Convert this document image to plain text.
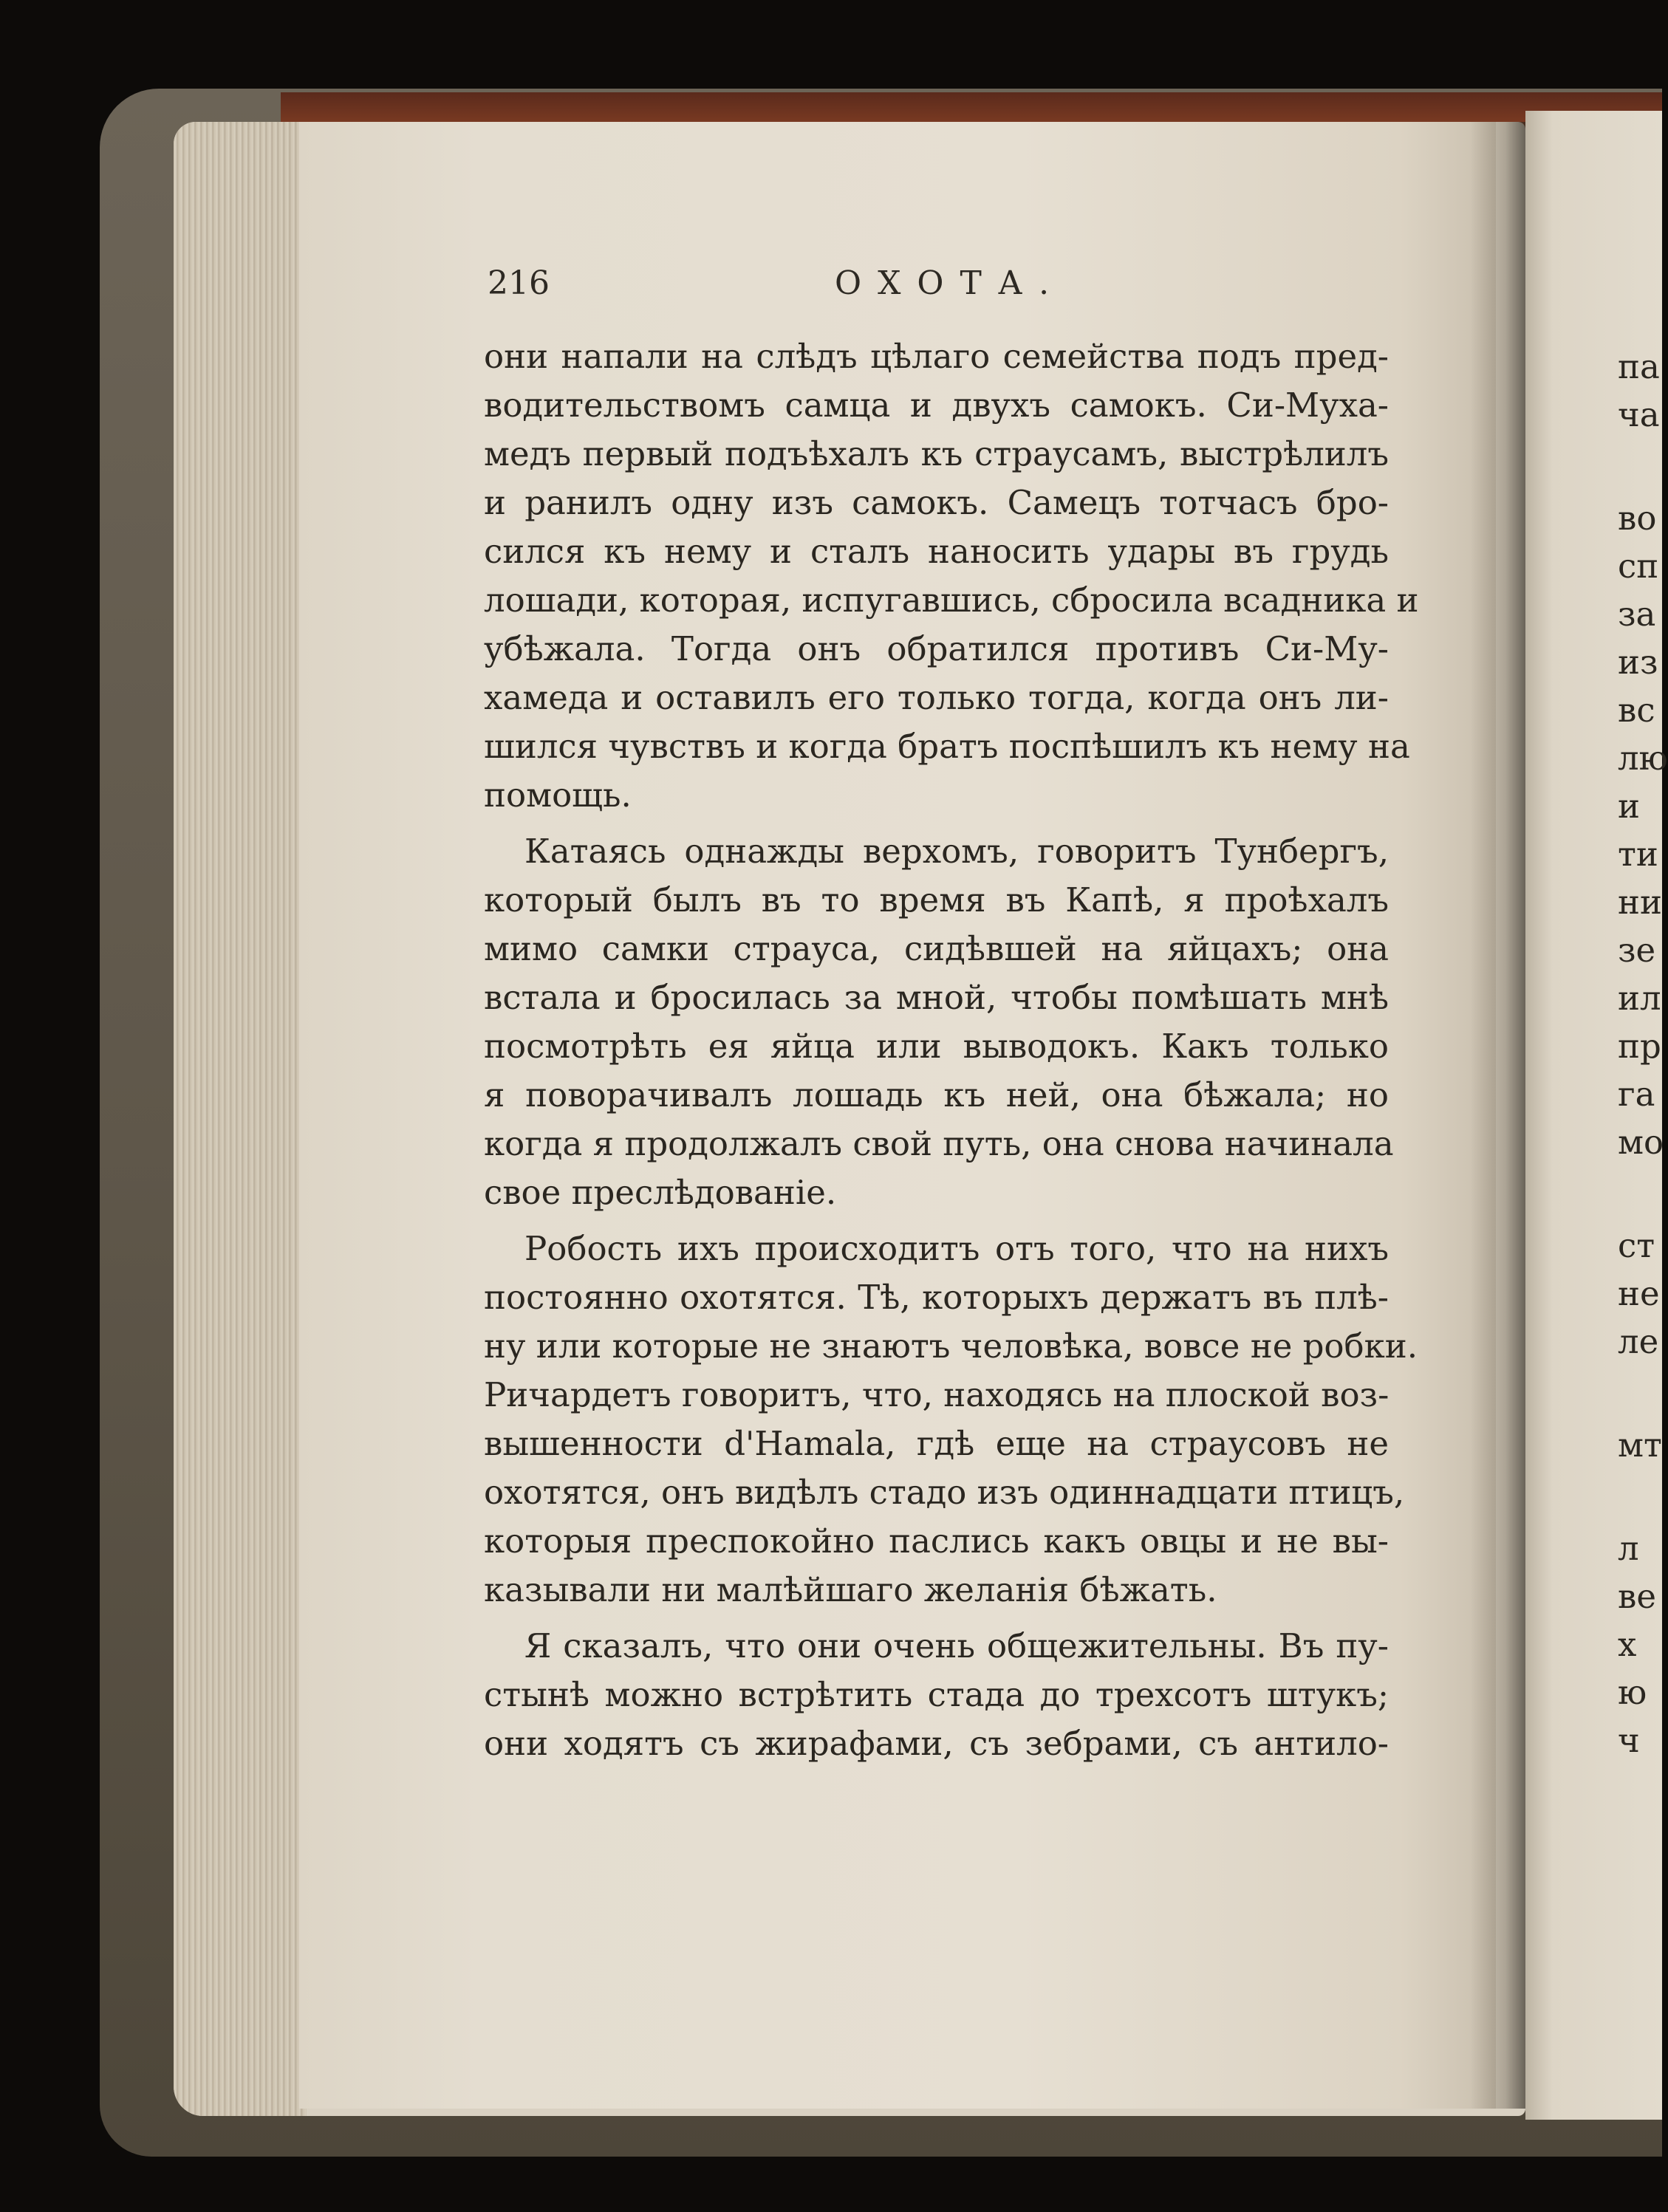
216	ОХОТА.
они напали на слѣдъ цѣлаго семейства подъ пред-
водительствомъ самца и двухъ самокъ. Си-Муха-
медъ первый подъѣхалъ къ страусамъ, выстрѣлилъ
и ранилъ одну изъ самокъ. Самецъ тотчасъ бро-
сился къ нему и сталъ наносить удары въ грудь
лошади, которая, испугавшись, сбросила всадника и
убѣжала. Тогда онъ обратился противъ Си-Му-
хамеда и оставилъ его только тогда, когда онъ ли-
шился чувствъ и когда братъ поспѣшилъ къ нему на
помощь.
Катаясь однажды верхомъ, говоритъ Тунбергъ,
который былъ въ то время въ Капѣ, я проѣхалъ
мимо самки страуса, сидѣвшей на яйцахъ; она
встала и бросилась за мной, чтобы помѣшать мнѣ
посмотрѣть ея яйца или выводокъ. Какъ только
я поворачивалъ лошадь къ ней, она бѣжала; но
когда я продолжалъ свой путь, она снова начинала
свое преслѣдованіе.
Робость ихъ происходитъ отъ того, что на нихъ
постоянно охотятся. Тѣ, которыхъ держатъ въ плѣ-
ну или которые не знаютъ человѣка, вовсе не робки.
Ричардетъ говоритъ, что, находясь на плоской воз-
вышенности d'Hamala, гдѣ еще на страусовъ не
охотятся, онъ видѣлъ стадо изъ одиннадцати птицъ,
которыя преспокойно паслись какъ овцы и не вы-
казывали ни малѣйшаго желанія бѣжать.
Я сказалъ, что они очень общежительны. Въ пу-
стынѣ можно встрѣтить стада до трехсотъ штукъ;
они ходятъ съ жирафами, съ зебрами, съ антило-
па
ча
во
сп
за
из
вс
лю
и
ти
ни
зе
ил
пр
га
мо
ст
не
ле
мт
л
ве
х
ю
ч
